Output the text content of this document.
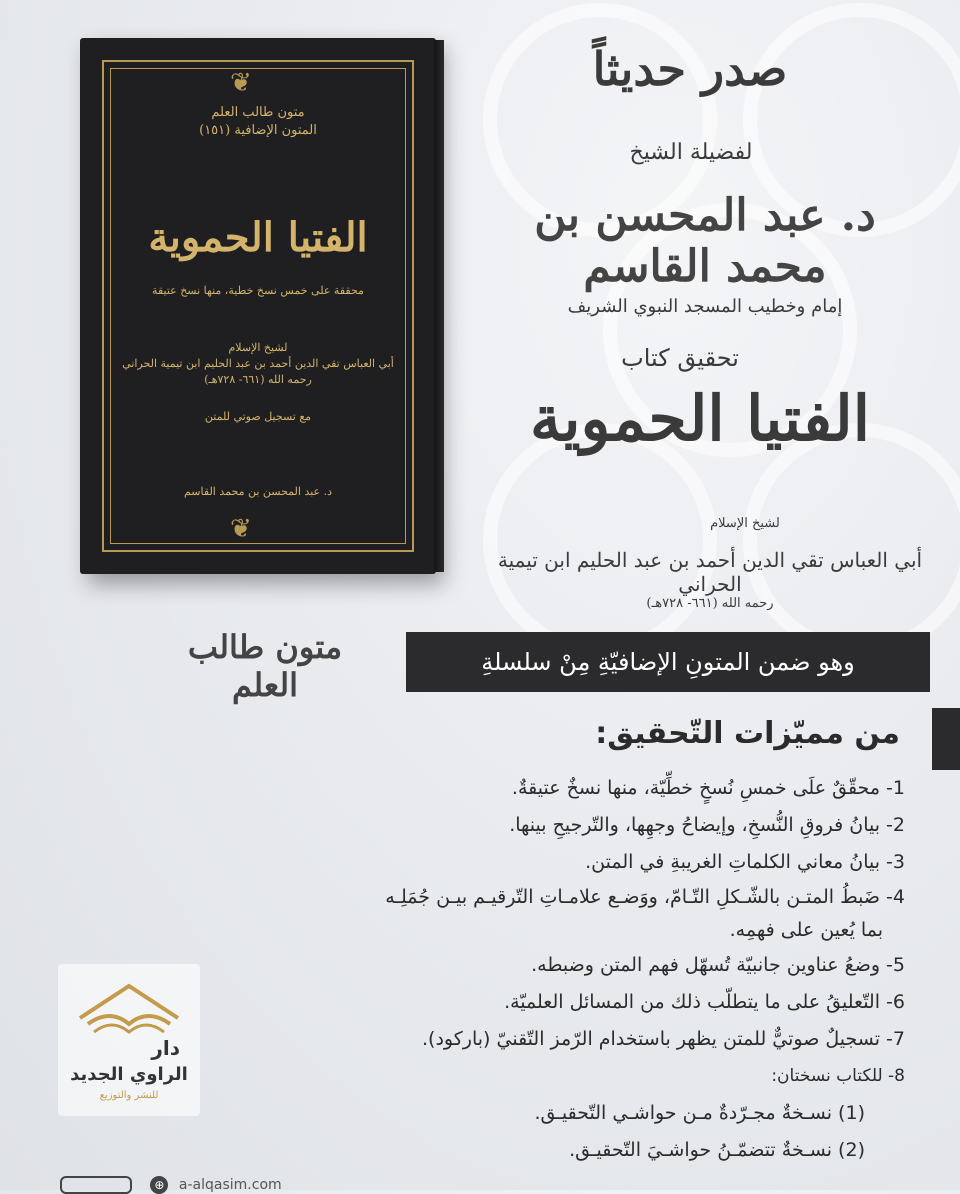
❦
❦
متون طالب العلم
المتون الإضافية (١٥١)
الفتيا الحموية
محققة على خمس نسخ خطية، منها نسخ عتيقة
لشيخ الإسلام
أبي العباس تقي الدين أحمد بن عبد الحليم ابن تيمية الحراني
رحمه الله (٦٦١- ٧٢٨هـ)
مع تسجيل صوتي للمتن
د. عبد المحسن بن محمد القاسم
صدر حديثاً
لفضيلة الشيخ
د. عبد المحسن بن محمد القاسم
إمام وخطيب المسجد النبوي الشريف
تحقيق كتاب
الفتيا الحموية
لشيخ الإسلام
أبي العباس تقي الدين أحمد بن عبد الحليم ابن تيمية الحراني
رحمه الله (٦٦١- ٧٢٨هـ)
متون طالب العلم
وهو ضمن المتونِ الإضافيّةِ مِنْ سلسلةِ
من مميّزات التّحقيق:
1- محقّقٌ علَى خمسِ نُسخٍ خطِّيّة، منها نسخٌ عتيقةٌ.
2- بيانُ فروقِ النُّسخِ، وإيضاحُ وجهِها، والتّرجيحِ بينها.
3- بيانُ معاني الكلماتِ الغريبةِ في المتن.
4- ضَبطُ المتـن بالشّـكلِ التّـامّ، ووَضـع علامـاتِ التّرقيـم بيـن جُمَلِـه
بما يُعين على فهمِه.
5- وضعُ عناوين جانبيّة تُسهّل فهم المتن وضبطه.
6- التّعليقُ على ما يتطلّب ذلك من المسائل العلميّة.
7- تسجيلٌ صوتيٌّ للمتن يظهر باستخدام الرّمز التّقنيّ (باركود).
8- للكتاب نسختان:
(1) نسـخةٌ مجـرّدةٌ مـن حواشـي التّحقيـق.
(2) نسـخةٌ تتضمّـنُ حواشـيَ التّحقيـق.
دار
الراوي الجديد
للنشر والتوزيع
⊕ a-alqasim.com
